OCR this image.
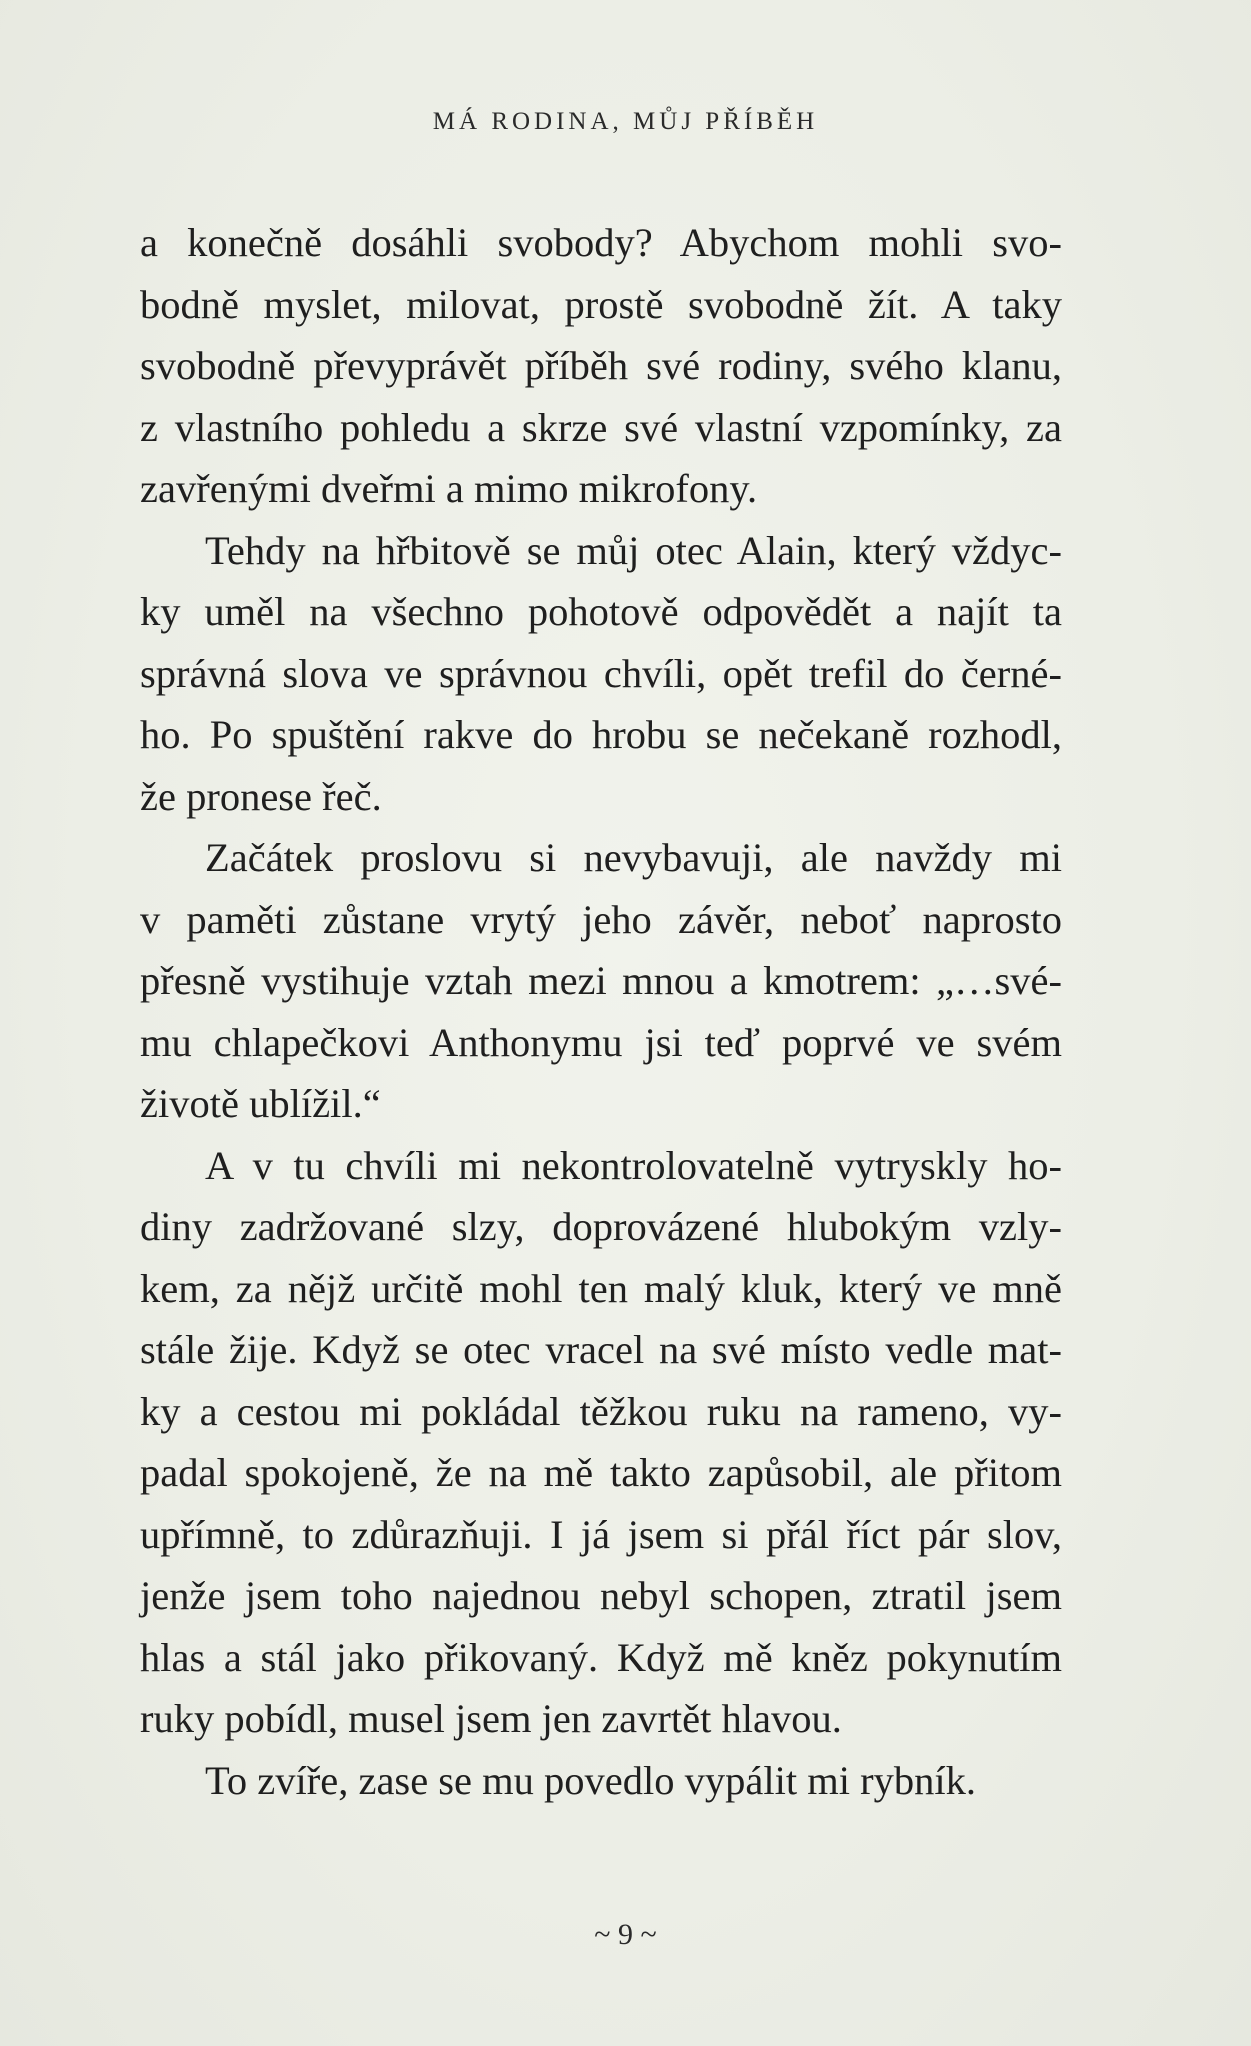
MÁ RODINA, MŮJ PŘÍBĚH
a konečně dosáhli svobody? Abychom mohli svo-
bodně myslet, milovat, prostě svobodně žít. A taky
svobodně převyprávět příběh své rodiny, svého klanu,
z vlastního pohledu a skrze své vlastní vzpomínky, za
zavřenými dveřmi a mimo mikrofony.
Tehdy na hřbitově se můj otec Alain, který vždyc-
ky uměl na všechno pohotově odpovědět a najít ta
správná slova ve správnou chvíli, opět trefil do černé-
ho. Po spuštění rakve do hrobu se nečekaně rozhodl,
že pronese řeč.
Začátek proslovu si nevybavuji, ale navždy mi
v paměti zůstane vrytý jeho závěr, neboť naprosto
přesně vystihuje vztah mezi mnou a kmotrem: „…své-
mu chlapečkovi Anthonymu jsi teď poprvé ve svém
životě ublížil.“
A v tu chvíli mi nekontrolovatelně vytryskly ho-
diny zadržované slzy, doprovázené hlubokým vzly-
kem, za nějž určitě mohl ten malý kluk, který ve mně
stále žije. Když se otec vracel na své místo vedle mat-
ky a cestou mi pokládal těžkou ruku na rameno, vy-
padal spokojeně, že na mě takto zapůsobil, ale přitom
upřímně, to zdůrazňuji. I já jsem si přál říct pár slov,
jenže jsem toho najednou nebyl schopen, ztratil jsem
hlas a stál jako přikovaný. Když mě kněz pokynutím
ruky pobídl, musel jsem jen zavrtět hlavou.
To zvíře, zase se mu povedlo vypálit mi rybník.
~ 9 ~
